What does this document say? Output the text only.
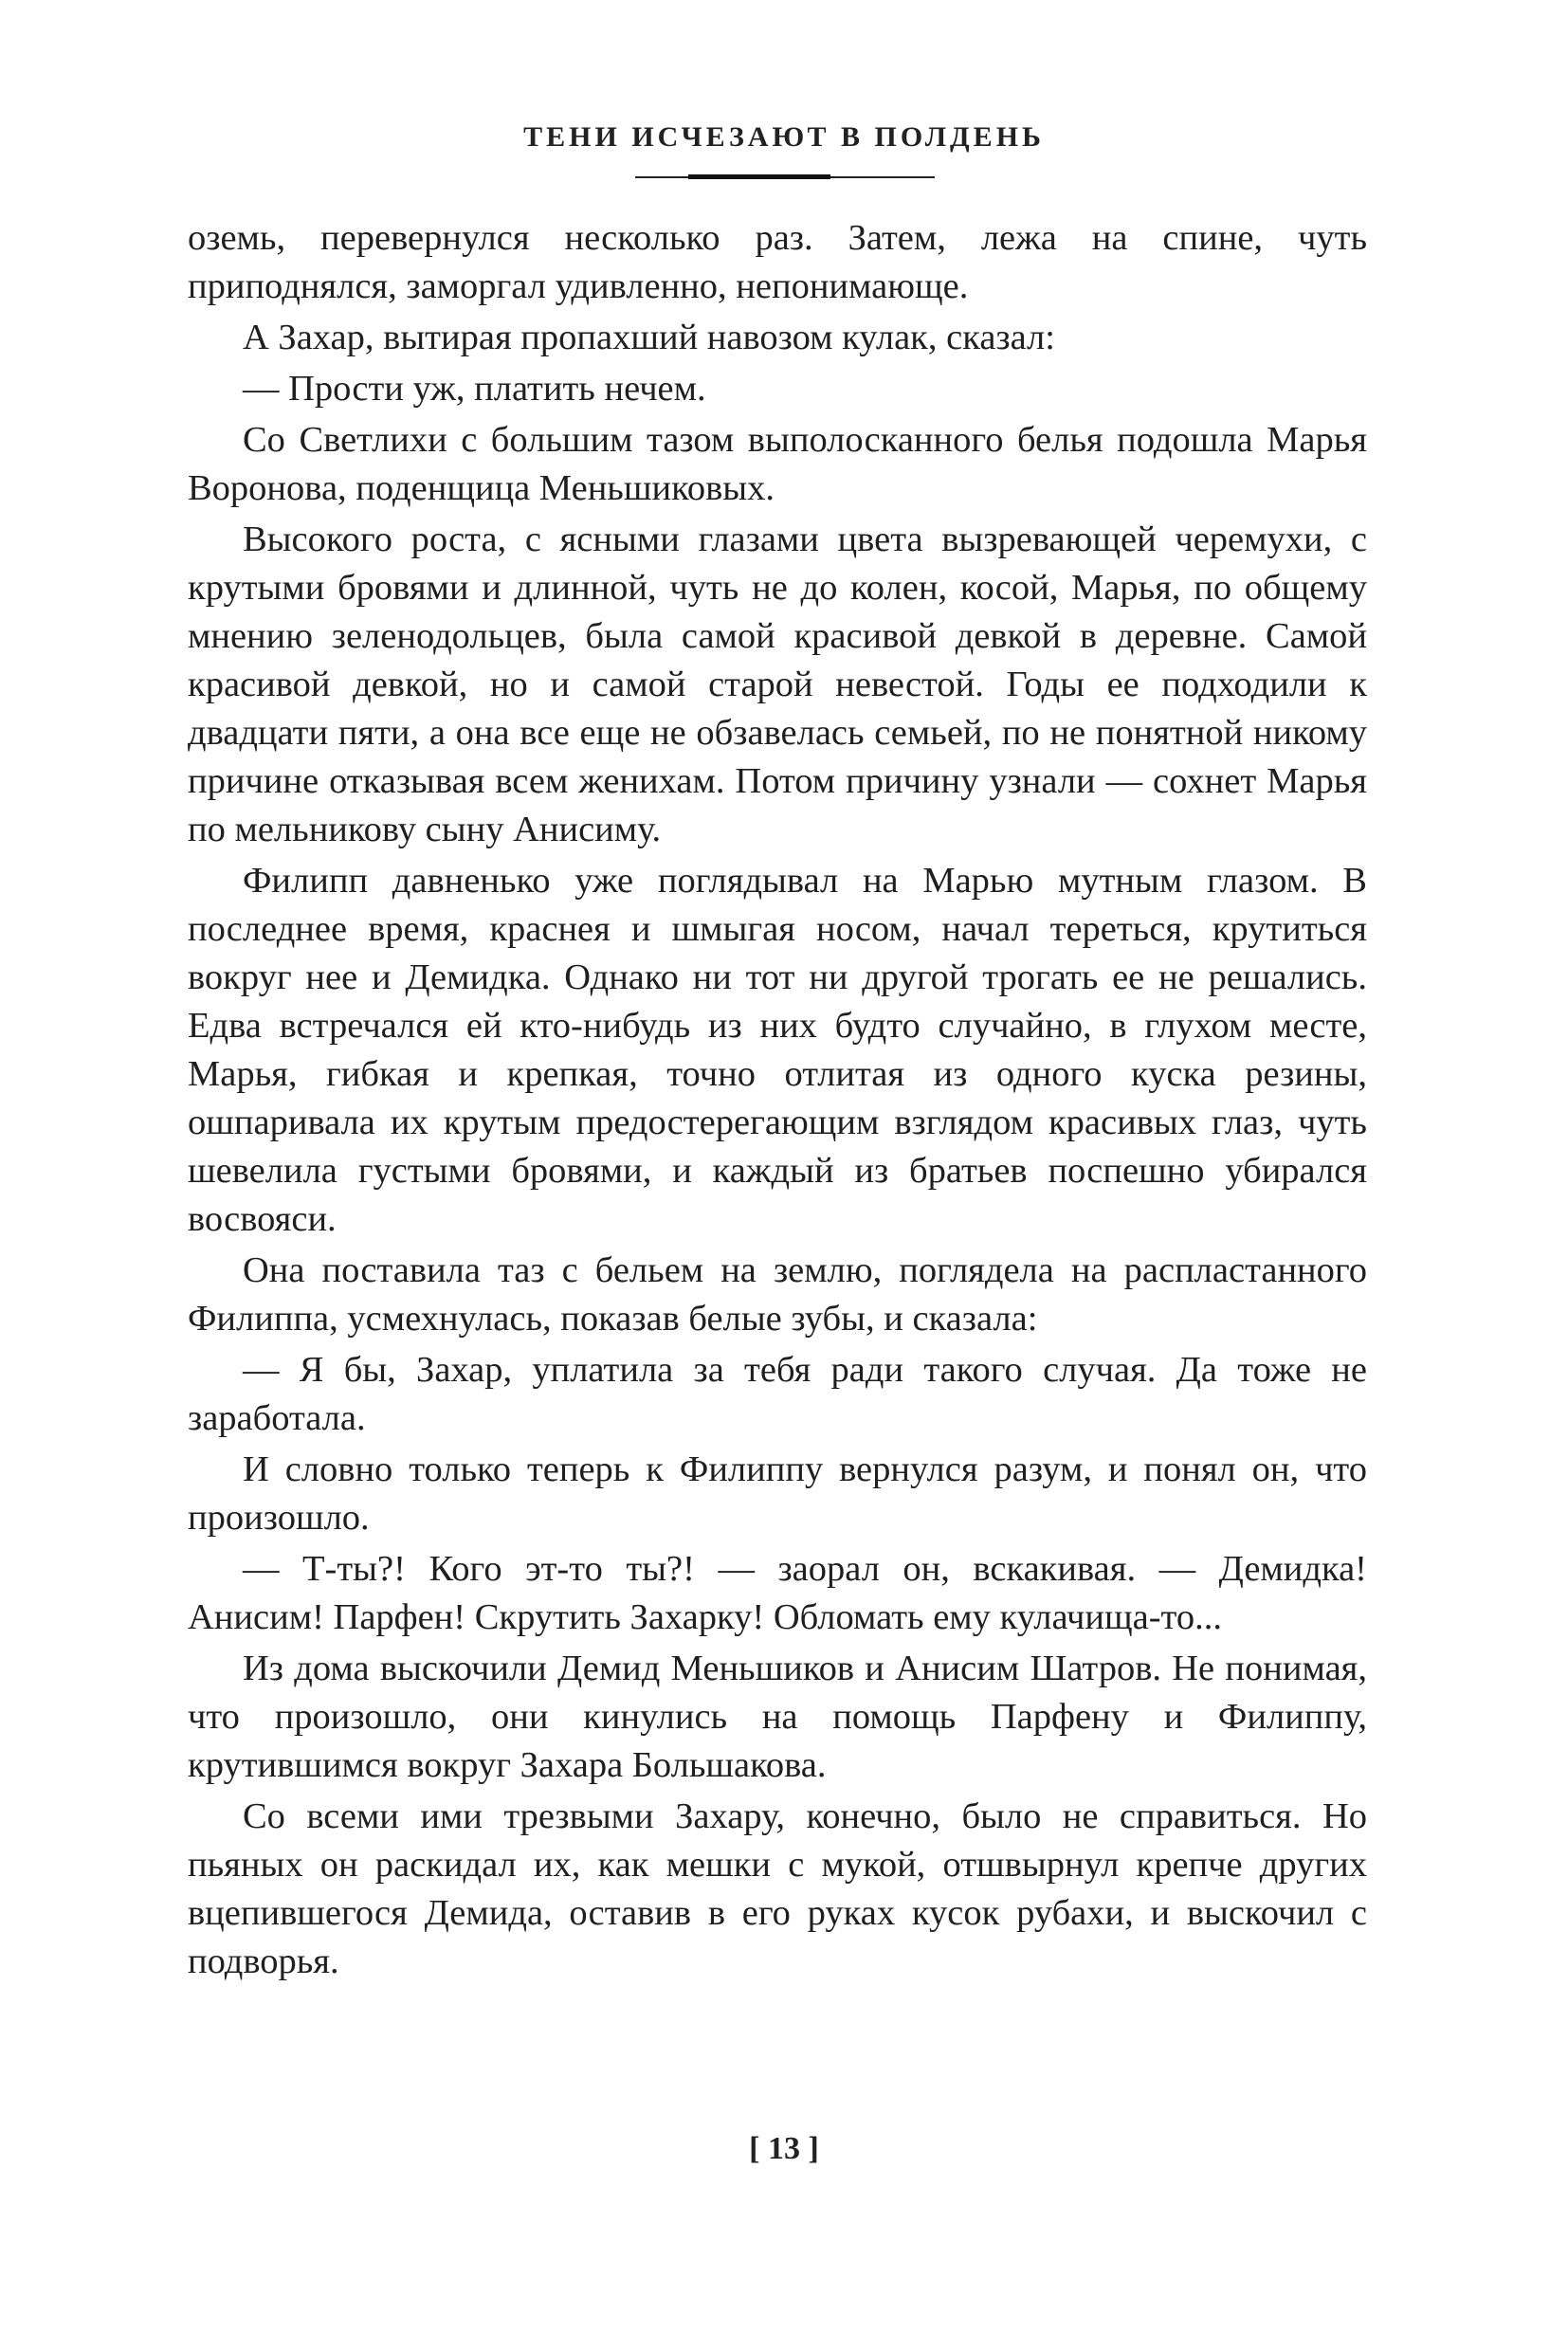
ТЕНИ ИСЧЕЗАЮТ В ПОЛДЕНЬ

оземь, перевернулся несколько раз. Затем, лежа на спине, чуть приподнялся, заморгал удивленно, непонимающе.

А Захар, вытирая пропахший навозом кулак, сказал:

— Прости уж, платить нечем.

Со Светлихи с большим тазом выполосканного белья подошла Марья Воронова, поденщица Меньшиковых.

Высокого роста, с ясными глазами цвета вызревающей черемухи, с крутыми бровями и длинной, чуть не до колен, косой, Марья, по общему мнению зеленодольцев, была самой красивой девкой в деревне. Самой красивой девкой, но и самой старой невестой. Годы ее подходили к двадцати пяти, а она все еще не обзавелась семьей, по не понятной никому причине отказывая всем женихам. Потом причину узнали — сохнет Марья по мельникову сыну Анисиму.

Филипп давненько уже поглядывал на Марью мутным глазом. В последнее время, краснея и шмыгая носом, начал тереться, крутиться вокруг нее и Демидка. Однако ни тот ни другой трогать ее не решались. Едва встречался ей кто-нибудь из них будто случайно, в глухом месте, Марья, гибкая и крепкая, точно отлитая из одного куска резины, ошпаривала их крутым предостерегающим взглядом красивых глаз, чуть шевелила густыми бровями, и каждый из братьев поспешно убирался восвояси.

Она поставила таз с бельем на землю, поглядела на распластанного Филиппа, усмехнулась, показав белые зубы, и сказала:

— Я бы, Захар, уплатила за тебя ради такого случая. Да тоже не заработала.

И словно только теперь к Филиппу вернулся разум, и понял он, что произошло.

— Т-ты?! Кого эт-то ты?! — заорал он, вскакивая. — Демидка! Анисим! Парфен! Скрутить Захарку! Обломать ему кулачища-то...

Из дома выскочили Демид Меньшиков и Анисим Шатров. Не понимая, что произошло, они кинулись на помощь Парфену и Филиппу, крутившимся вокруг Захара Большакова.

Со всеми ими трезвыми Захару, конечно, было не справиться. Но пьяных он раскидал их, как мешки с мукой, отшвырнул крепче других вцепившегося Демида, оставив в его руках кусок рубахи, и выскочил с подворья.

[ 13 ]
